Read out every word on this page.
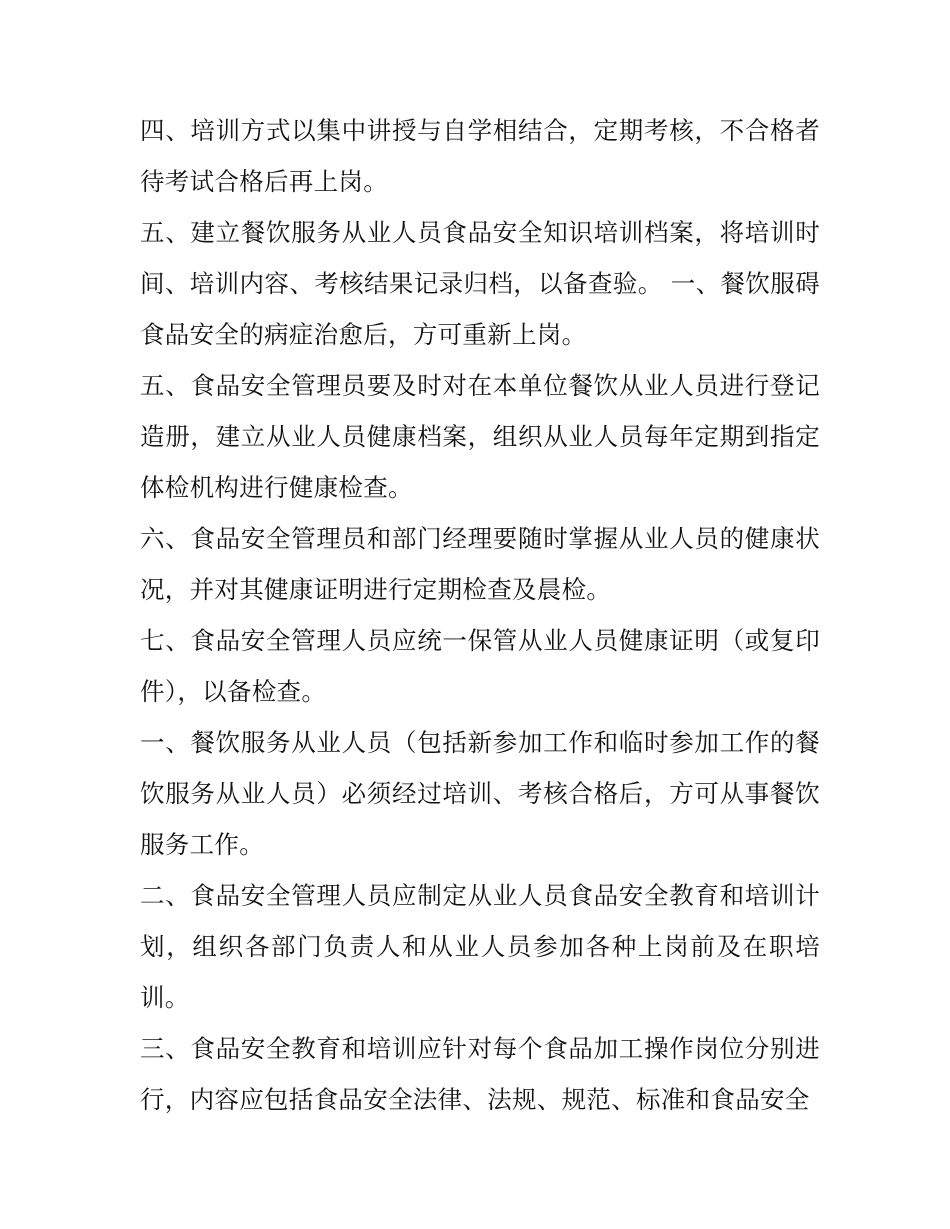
四、培训方式以集中讲授与自学相结合，定期考核，不合格者待考试合格后再上岗。

五、建立餐饮服务从业人员食品安全知识培训档案，将培训时间、培训内容、考核结果记录归档，以备查验。 一、餐饮服碍食品安全的病症治愈后，方可重新上岗。

五、食品安全管理员要及时对在本单位餐饮从业人员进行登记造册，建立从业人员健康档案，组织从业人员每年定期到指定体检机构进行健康检查。

六、食品安全管理员和部门经理要随时掌握从业人员的健康状况，并对其健康证明进行定期检查及晨检。

七、食品安全管理人员应统一保管从业人员健康证明（或复印件），以备检查。

一、餐饮服务从业人员（包括新参加工作和临时参加工作的餐饮服务从业人员）必须经过培训、考核合格后，方可从事餐饮服务工作。

二、食品安全管理人员应制定从业人员食品安全教育和培训计划，组织各部门负责人和从业人员参加各种上岗前及在职培训。

三、食品安全教育和培训应针对每个食品加工操作岗位分别进行，内容应包括食品安全法律、法规、规范、标准和食品安全
